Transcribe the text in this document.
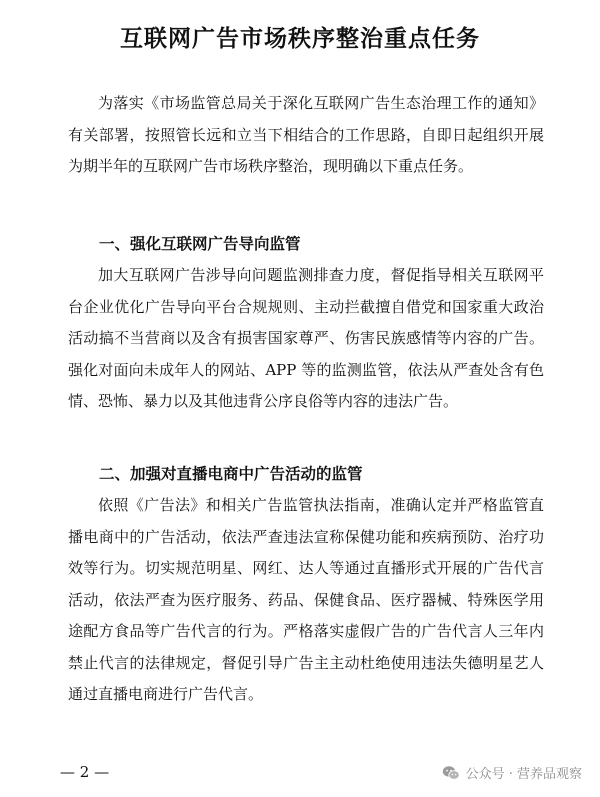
互联网广告市场秩序整治重点任务

为落实《市场监管总局关于深化互联网广告生态治理工作的通知》有关部署，按照管长远和立当下相结合的工作思路，自即日起组织开展为期半年的互联网广告市场秩序整治，现明确以下重点任务。

一、强化互联网广告导向监管

加大互联网广告涉导向问题监测排查力度，督促指导相关互联网平台企业优化广告导向平台合规规则、主动拦截擅自借党和国家重大政治活动搞不当营商以及含有损害国家尊严、伤害民族感情等内容的广告。强化对面向未成年人的网站、APP 等的监测监管，依法从严查处含有色情、恐怖、暴力以及其他违背公序良俗等内容的违法广告。

二、加强对直播电商中广告活动的监管

依照《广告法》和相关广告监管执法指南，准确认定并严格监管直播电商中的广告活动，依法严查违法宣称保健功能和疾病预防、治疗功效等行为。切实规范明星、网红、达人等通过直播形式开展的广告代言活动，依法严查为医疗服务、药品、保健食品、医疗器械、特殊医学用途配方食品等广告代言的行为。严格落实虚假广告的广告代言人三年内禁止代言的法律规定，督促引导广告主主动杜绝使用违法失德明星艺人通过直播电商进行广告代言。

— 2 —	公众号 · 营养品观察
